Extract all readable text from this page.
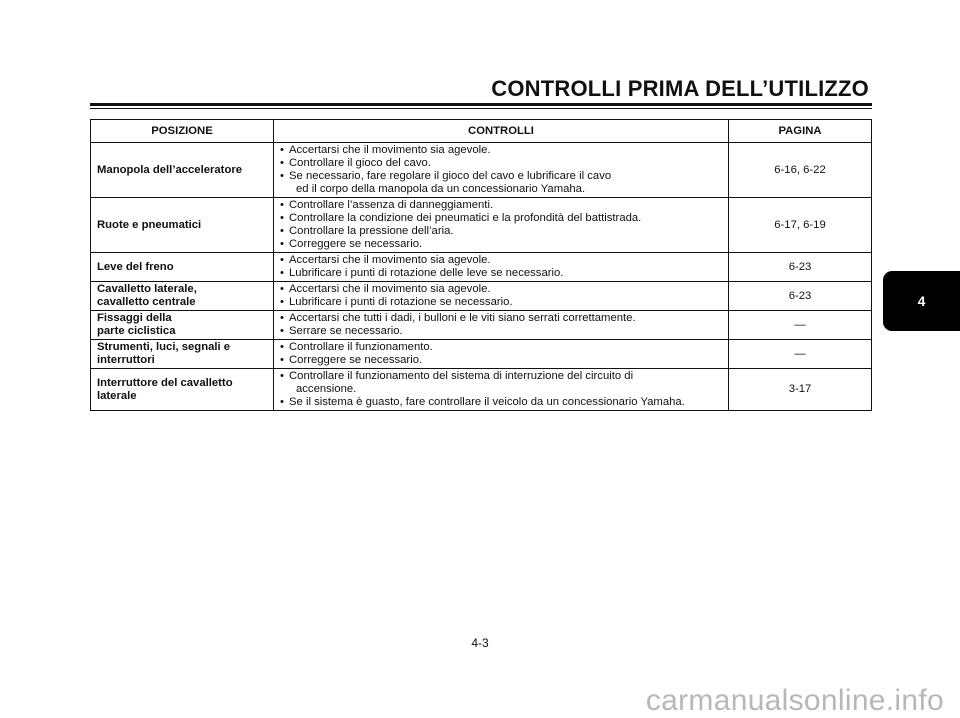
CONTROLLI PRIMA DELL’UTILIZZO
POSIZIONE	CONTROLLI	PAGINA

Manopola dell’acceleratore	• Accertarsi che il movimento sia agevole.
• Controllare il gioco del cavo.
• Se necessario, fare regolare il gioco del cavo e lubrificare il cavo
ed il corpo della manopola da un concessionario Yamaha.	6-16, 6-22

Ruote e pneumatici	• Controllare l’assenza di danneggiamenti.
• Controllare la condizione dei pneumatici e la profondità del battistrada.
• Controllare la pressione dell’aria.
• Correggere se necessario.	6-17, 6-19

Leve del freno	• Accertarsi che il movimento sia agevole.
• Lubrificare i punti di rotazione delle leve se necessario.	6-23

Cavalletto laterale,
cavalletto centrale	• Accertarsi che il movimento sia agevole.
• Lubrificare i punti di rotazione se necessario.	6-23

Fissaggi della
parte ciclistica	• Accertarsi che tutti i dadi, i bulloni e le viti siano serrati correttamente.
• Serrare se necessario.	—

Strumenti, luci, segnali e
interruttori	• Controllare il funzionamento.
• Correggere se necessario.	—

Interruttore del cavalletto
laterale	• Controllare il funzionamento del sistema di interruzione del circuito di
accensione.
• Se il sistema è guasto, fare controllare il veicolo da un concessionario Yamaha.	3-17
4
4-3
carmanualsonline.info
